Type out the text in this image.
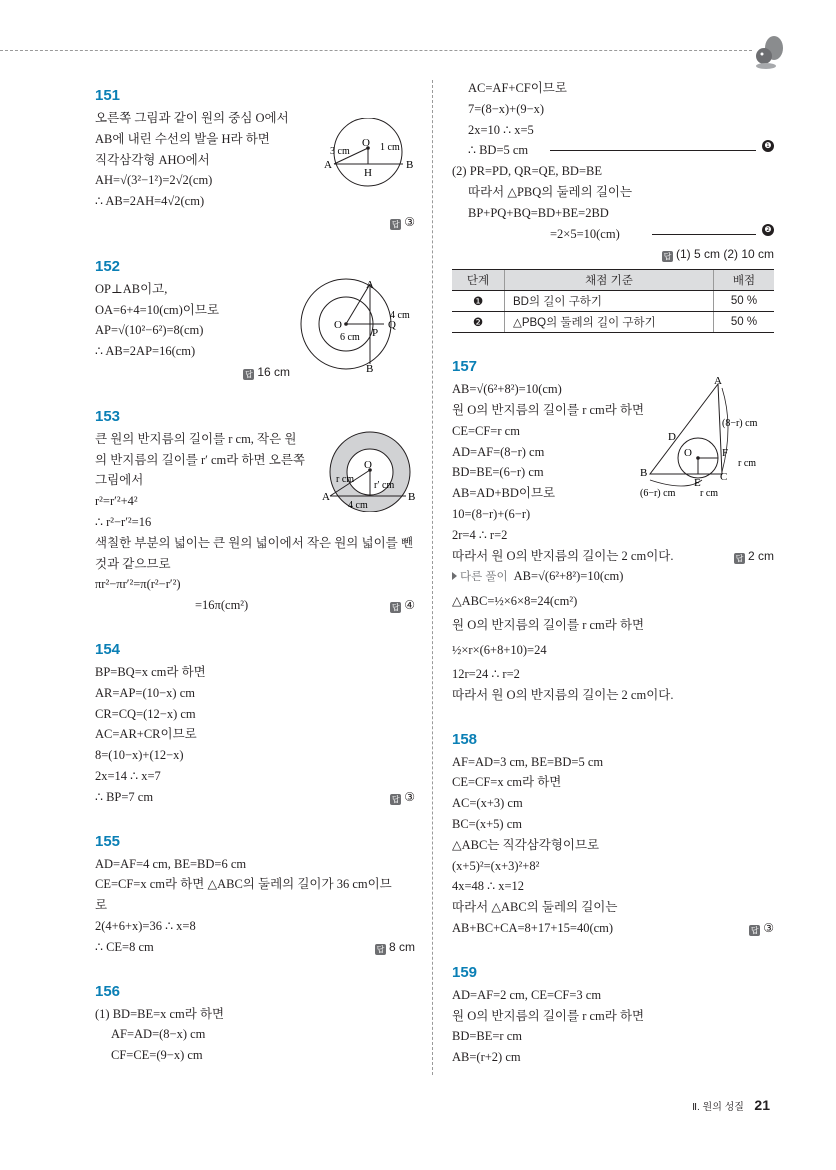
151
오른쪽 그림과 같이 원의 중심 O에서
AB에 내린 수선의 발을 H라 하면
직각삼각형 AHO에서
AH=√(3²−1²)=2√2(cm)
∴ AB=2AH=4√2(cm)
답 ③
152
OP⊥AB이고,
OA=6+4=10(cm)이므로
AP=√(10²−6²)=8(cm)
∴ AB=2AP=16(cm)
답 16 cm
153
큰 원의 반지름의 길이를 r cm, 작은 원
의 반지름의 길이를 r′ cm라 하면 오른쪽
그림에서
r²=r′²+4²
∴ r²−r′²=16
색칠한 부분의 넓이는 큰 원의 넓이에서 작은 원의 넓이를 뺀
것과 같으므로
πr²−πr′²=π(r²−r′²)
=16π(cm²)	답 ④
154
BP=BQ=x cm라 하면
AR=AP=(10−x) cm
CR=CQ=(12−x) cm
AC=AR+CR이므로
8=(10−x)+(12−x)
2x=14 ∴ x=7
∴ BP=7 cm	답 ③
155
AD=AF=4 cm, BE=BD=6 cm
CE=CF=x cm라 하면 △ABC의 둘레의 길이가 36 cm이므
로
2(4+6+x)=36 ∴ x=8
∴ CE=8 cm	답 8 cm
156
(1) BD=BE=x cm라 하면
AF=AD=(8−x) cm
CF=CE=(9−x) cm
A	B
H
O
3 cm	1 cm
A
B
O
P
Q
4 cm
6 cm
A	B
O
r cm
r′ cm
4 cm
AC=AF+CF이므로
7=(8−x)+(9−x)
2x=10 ∴ x=5
∴ BD=5 cm	❶
(2) PR=PD, QR=QE, BD=BE
따라서 △PBQ의 둘레의 길이는
BP+PQ+BQ=BD+BE=2BD
=2×5=10(cm)	❷
답 (1) 5 cm (2) 10 cm
단계	채점 기준	배점
❶	BD의 길이 구하기	50 %
❷	△PBQ의 둘레의 길이 구하기	50 %
157
AB=√(6²+8²)=10(cm)
원 O의 반지름의 길이를 r cm라 하면
CE=CF=r cm
AD=AF=(8−r) cm
BD=BE=(6−r) cm
AB=AD+BD이므로
10=(8−r)+(6−r)
2r=4 ∴ r=2
따라서 원 O의 반지름의 길이는 2 cm이다.	답 2 cm
다른 풀이 AB=√(6²+8²)=10(cm)
△ABC=½×6×8=24(cm²)
원 O의 반지름의 길이를 r cm라 하면
½×r×(6+8+10)=24
12r=24 ∴ r=2
따라서 원 O의 반지름의 길이는 2 cm이다.
158
AF=AD=3 cm, BE=BD=5 cm
CE=CF=x cm라 하면
AC=(x+3) cm
BC=(x+5) cm
△ABC는 직각삼각형이므로
(x+5)²=(x+3)²+8²
4x=48 ∴ x=12
따라서 △ABC의 둘레의 길이는
AB+BC+CA=8+17+15=40(cm)	답 ③
159
AD=AF=2 cm, CE=CF=3 cm
원 O의 반지름의 길이를 r cm라 하면
BD=BE=r cm
AB=(r+2) cm
A
B	C
D
E
F
O
(8−r) cm
r cm
(6−r) cm r cm
Ⅱ. 원의 성질 21
